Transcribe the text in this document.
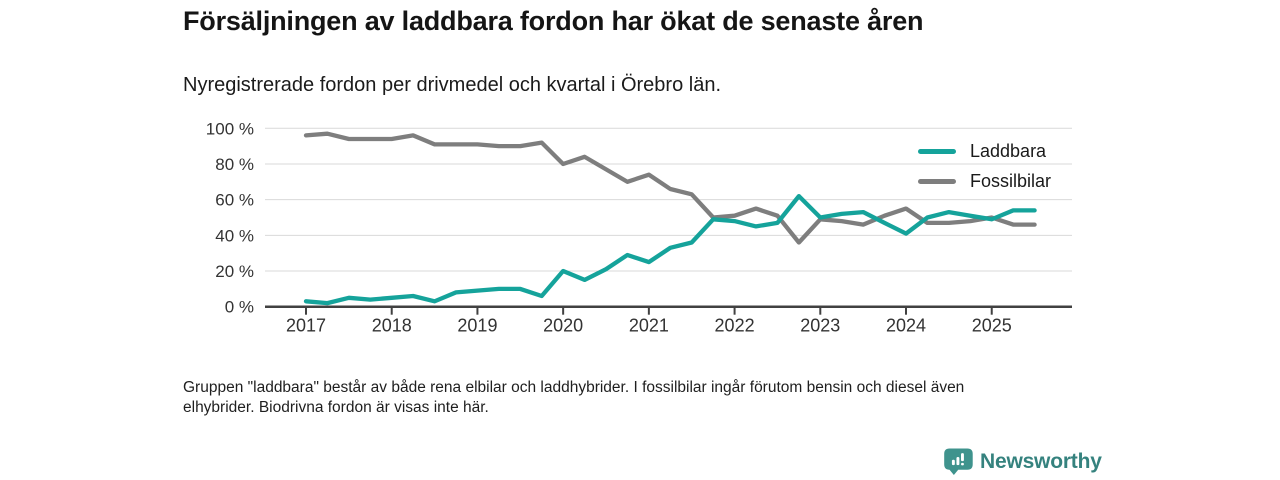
Försäljningen av laddbara fordon har ökat de senaste åren
Nyregistrerade fordon per drivmedel och kvartal i Örebro län.
0 %
20 %
40 %
60 %
80 %
100 %
2017	2018	2019	2020	2021	2022	2023	2024	2025
Laddbara
Fossilbilar
Gruppen "laddbara" består av både rena elbilar och laddhybrider. I fossilbilar ingår förutom bensin och diesel även
elhybrider. Biodrivna fordon är visas inte här.
Newsworthy
